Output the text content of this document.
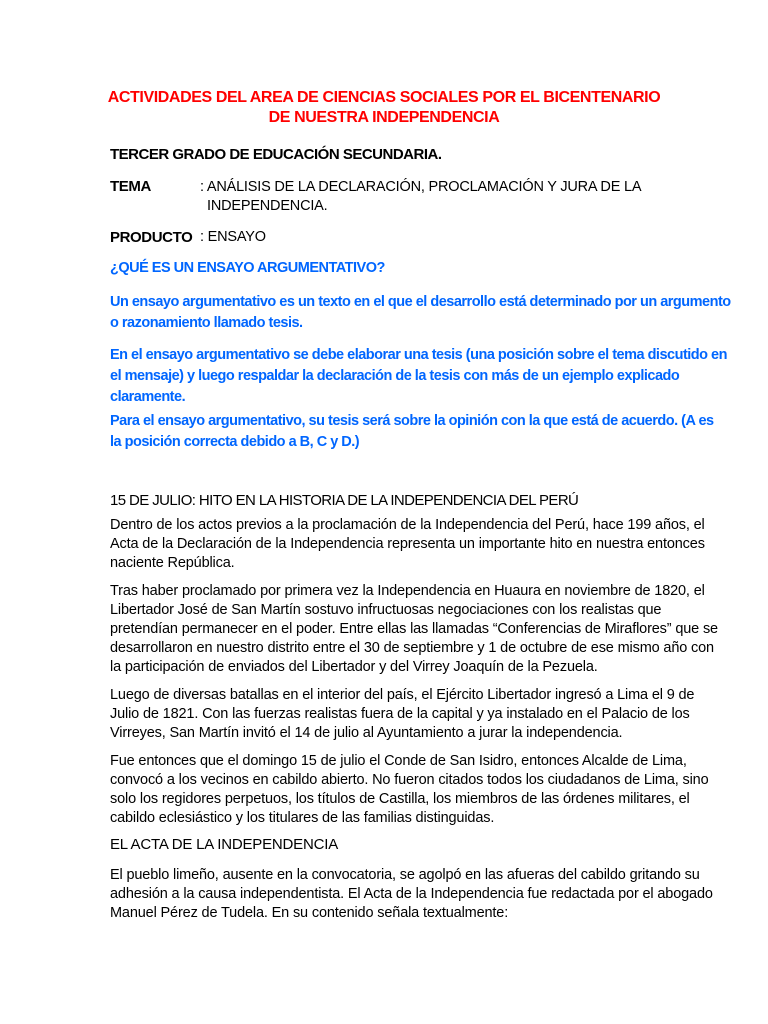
ACTIVIDADES DEL AREA DE CIENCIAS SOCIALES POR EL BICENTENARIO
DE NUESTRA INDEPENDENCIA
TERCER GRADO DE EDUCACIÓN SECUNDARIA.
TEMA	: ANÁLISIS DE LA DECLARACIÓN, PROCLAMACIÓN Y JURA DE LA
INDEPENDENCIA.
PRODUCTO : ENSAYO
¿QUÉ ES UN ENSAYO ARGUMENTATIVO?
Un ensayo argumentativo es un texto en el que el desarrollo está determinado por un argumento
o razonamiento llamado tesis.
En el ensayo argumentativo se debe elaborar una tesis (una posición sobre el tema discutido en
el mensaje) y luego respaldar la declaración de la tesis con más de un ejemplo explicado
claramente.
Para el ensayo argumentativo, su tesis será sobre la opinión con la que está de acuerdo. (A es
la posición correcta debido a B, C y D.)
15 DE JULIO: HITO EN LA HISTORIA DE LA INDEPENDENCIA DEL PERÚ
Dentro de los actos previos a la proclamación de la Independencia del Perú, hace 199 años, el
Acta de la Declaración de la Independencia representa un importante hito en nuestra entonces
naciente República.
Tras haber proclamado por primera vez la Independencia en Huaura en noviembre de 1820, el
Libertador José de San Martín sostuvo infructuosas negociaciones con los realistas que
pretendían permanecer en el poder. Entre ellas las llamadas “Conferencias de Miraflores” que se
desarrollaron en nuestro distrito entre el 30 de septiembre y 1 de octubre de ese mismo año con
la participación de enviados del Libertador y del Virrey Joaquín de la Pezuela.
Luego de diversas batallas en el interior del país, el Ejército Libertador ingresó a Lima el 9 de
Julio de 1821. Con las fuerzas realistas fuera de la capital y ya instalado en el Palacio de los
Virreyes, San Martín invitó el 14 de julio al Ayuntamiento a jurar la independencia.
Fue entonces que el domingo 15 de julio el Conde de San Isidro, entonces Alcalde de Lima,
convocó a los vecinos en cabildo abierto. No fueron citados todos los ciudadanos de Lima, sino
solo los regidores perpetuos, los títulos de Castilla, los miembros de las órdenes militares, el
cabildo eclesiástico y los titulares de las familias distinguidas.
EL ACTA DE LA INDEPENDENCIA
El pueblo limeño, ausente en la convocatoria, se agolpó en las afueras del cabildo gritando su
adhesión a la causa independentista. El Acta de la Independencia fue redactada por el abogado
Manuel Pérez de Tudela. En su contenido señala textualmente:
